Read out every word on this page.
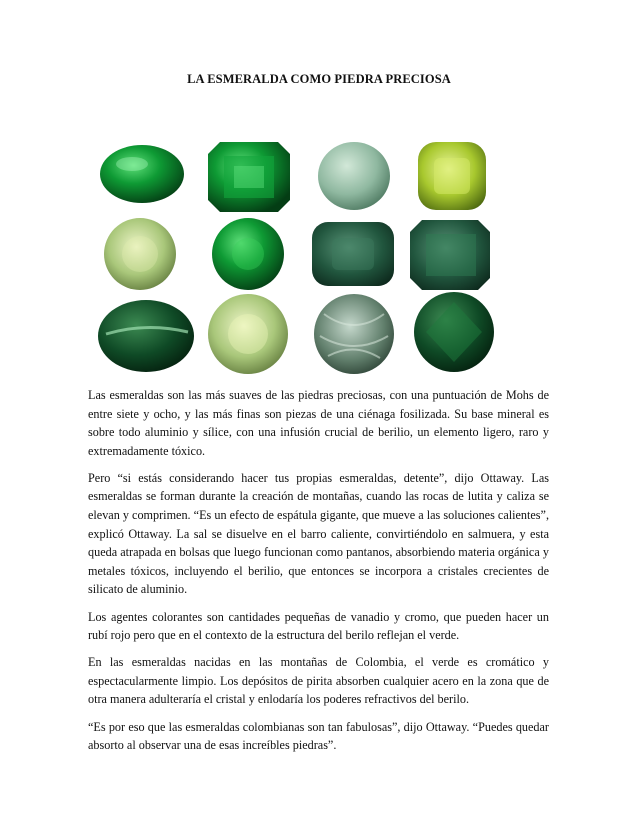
LA ESMERALDA COMO PIEDRA PRECIOSA

Las esmeraldas son las más suaves de las piedras preciosas, con una puntuación de Mohs de entre siete y ocho, y las más finas son piezas de una ciénaga fosilizada. Su base mineral es sobre todo aluminio y sílice, con una infusión crucial de berilio, un elemento ligero, raro y extremadamente tóxico.

Pero “si estás considerando hacer tus propias esmeraldas, detente”, dijo Ottaway. Las esmeraldas se forman durante la creación de montañas, cuando las rocas de lutita y caliza se elevan y comprimen. “Es un efecto de espátula gigante, que mueve a las soluciones calientes”, explicó Ottaway. La sal se disuelve en el barro caliente, convirtiéndolo en salmuera, y esta queda atrapada en bolsas que luego funcionan como pantanos, absorbiendo materia orgánica y metales tóxicos, incluyendo el berilio, que entonces se incorpora a cristales crecientes de silicato de aluminio.

Los agentes colorantes son cantidades pequeñas de vanadio y cromo, que pueden hacer un rubí rojo pero que en el contexto de la estructura del berilo reflejan el verde.

En las esmeraldas nacidas en las montañas de Colombia, el verde es cromático y espectacularmente limpio. Los depósitos de pirita absorben cualquier acero en la zona que de otra manera adulteraría el cristal y enlodaría los poderes refractivos del berilo.

“Es por eso que las esmeraldas colombianas son tan fabulosas”, dijo Ottaway. “Puedes quedar absorto al observar una de esas increíbles piedras”.
